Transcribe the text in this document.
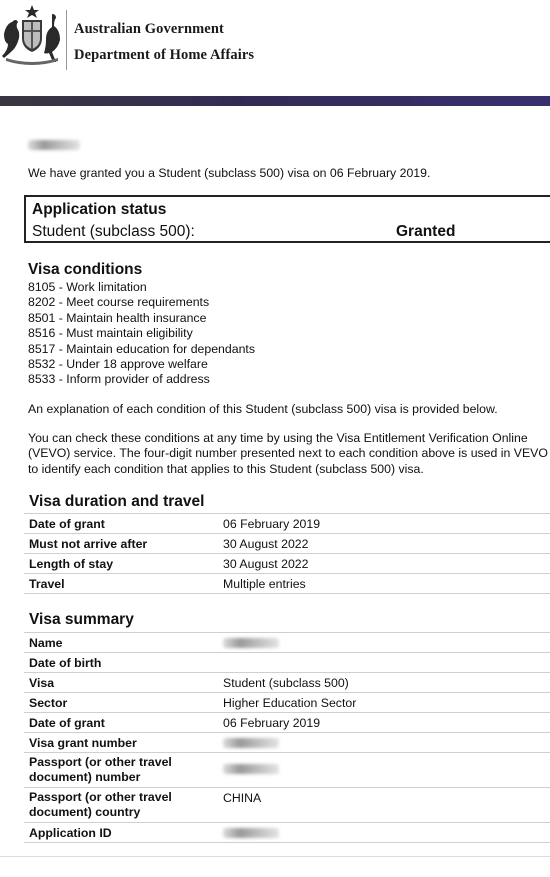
Australian Government
Department of Home Affairs
We have granted you a Student (subclass 500) visa on 06 February 2019.
Application status
Student (subclass 500):	Granted
Visa conditions
8105 - Work limitation
8202 - Meet course requirements
8501 - Maintain health insurance
8516 - Must maintain eligibility
8517 - Maintain education for dependants
8532 - Under 18 approve welfare
8533 - Inform provider of address

An explanation of each condition of this Student (subclass 500) visa is provided below.

You can check these conditions at any time by using the Visa Entitlement Verification Online (VEVO) service. The four-digit number presented next to each condition above is used in VEVO to identify each condition that applies to this Student (subclass 500) visa.

Visa duration and travel
Date of grant	06 February 2019
Must not arrive after	30 August 2022
Length of stay	30 August 2022
Travel	Multiple entries
Visa summary
Name	
Date of birth	
Visa	Student (subclass 500)
Sector	Higher Education Sector
Date of grant	06 February 2019
Visa grant number	
Passport (or other travel document) number	
Passport (or other travel document) country	CHINA
Application ID	
